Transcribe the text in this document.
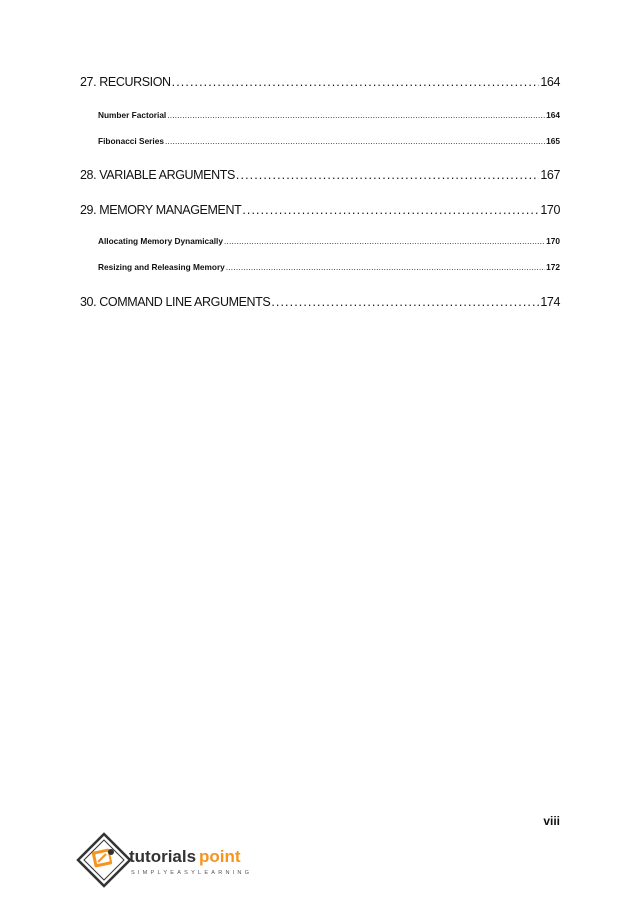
27. RECURSION .....	164
Number Factorial .....	164
Fibonacci Series .....	165
28. VARIABLE ARGUMENTS .....	167
29. MEMORY MANAGEMENT .....	170
Allocating Memory Dynamically .....	170
Resizing and Releasing Memory .....	172
30. COMMAND LINE ARGUMENTS .....	174
viii
tutorials point
SIMPLYEASYLEARNING
